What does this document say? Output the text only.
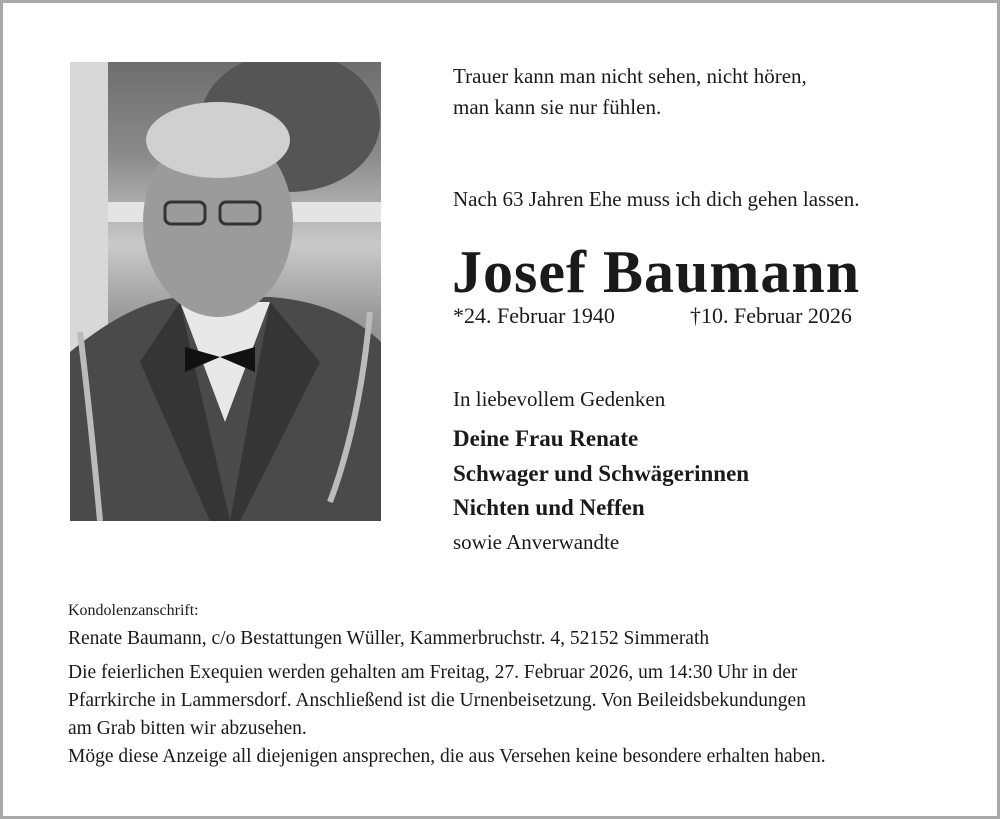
Trauer kann man nicht sehen, nicht hören,
man kann sie nur fühlen.
Nach 63 Jahren Ehe muss ich dich gehen lassen.
Josef Baumann
*24. Februar 1940	†10. Februar 2026
In liebevollem Gedenken
Deine Frau Renate
Schwager und Schwägerinnen
Nichten und Neffen
sowie Anverwandte
Kondolenzanschrift:
Renate Baumann, c/o Bestattungen Wüller, Kammerbruchstr. 4, 52152 Simmerath
Die feierlichen Exequien werden gehalten am Freitag, 27. Februar 2026, um 14:30 Uhr in der
Pfarrkirche in Lammersdorf. Anschließend ist die Urnenbeisetzung. Von Beileidsbekundungen
am Grab bitten wir abzusehen.
Möge diese Anzeige all diejenigen ansprechen, die aus Versehen keine besondere erhalten haben.
